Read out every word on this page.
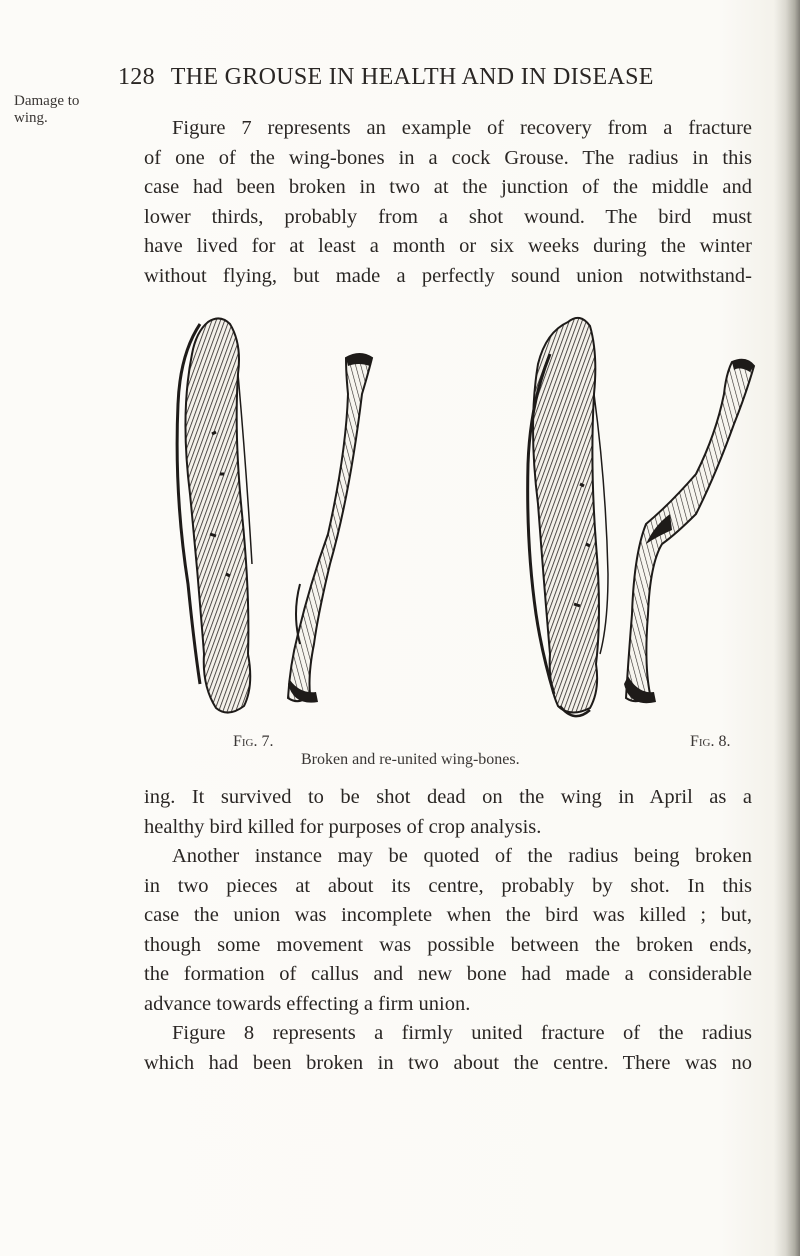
128 THE GROUSE IN HEALTH AND IN DISEASE
Damage to
wing.	Figure 7 represents an example of recovery from a fracture
of one of the wing-bones in a cock Grouse. The radius in this
case had been broken in two at the junction of the middle and
lower thirds, probably from a shot wound. The bird must
have lived for at least a month or six weeks during the winter
without flying, but made a perfectly sound union notwithstand-
Fig. 7.	Fig. 8.
Broken and re-united wing-bones.
ing. It survived to be shot dead on the wing in April as a
healthy bird killed for purposes of crop analysis.
Another instance may be quoted of the radius being broken
in two pieces at about its centre, probably by shot. In this
case the union was incomplete when the bird was killed ; but,
though some movement was possible between the broken ends,
the formation of callus and new bone had made a considerable
advance towards effecting a firm union.
Figure 8 represents a firmly united fracture of the radius
which had been broken in two about the centre. There was no
